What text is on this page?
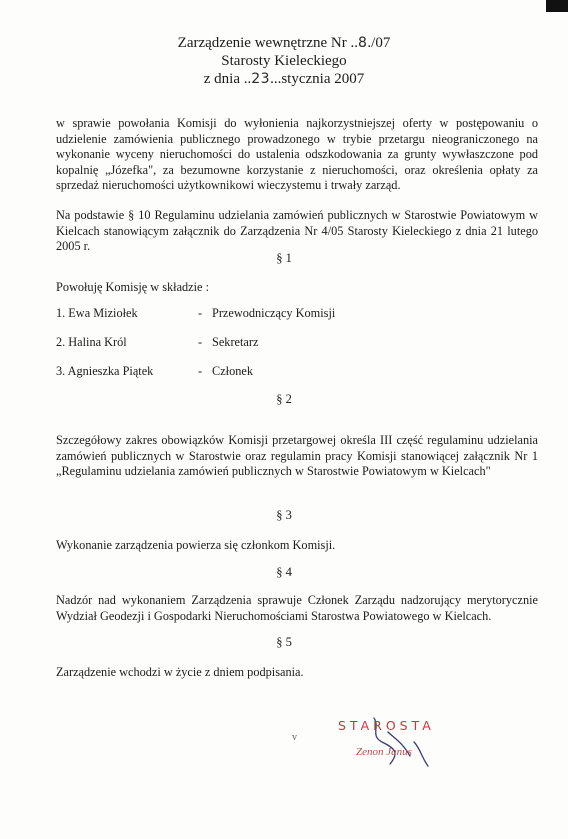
Zarządzenie wewnętrzne Nr ..8./07
Starosty Kieleckiego
z dnia ..23...stycznia 2007
w sprawie powołania Komisji do wyłonienia najkorzystniejszej oferty w postępowaniu o udzielenie zamówienia publicznego prowadzonego w trybie przetargu nieograniczonego na wykonanie wyceny nieruchomości do ustalenia odszkodowania za grunty wywłaszczone pod kopalnię „Józefka", za bezumowne korzystanie z nieruchomości, oraz określenia opłaty za sprzedaż nieruchomości użytkownikowi wieczystemu i trwały zarząd.
Na podstawie § 10 Regulaminu udzielania zamówień publicznych w Starostwie Powiatowym w Kielcach stanowiącym załącznik do Zarządzenia Nr 4/05 Starosty Kieleckiego z dnia 21 lutego 2005 r.
§ 1
Powołuję Komisję w składzie :
1. Ewa Miziołek	- Przewodniczący Komisji
2. Halina Król	- Sekretarz
3. Agnieszka Piątek	- Członek
§ 2
Szczegółowy zakres obowiązków Komisji przetargowej określa III część regulaminu udzielania zamówień publicznych w Starostwie oraz regulamin pracy Komisji stanowiącej załącznik Nr 1 „Regulaminu udzielania zamówień publicznych w Starostwie Powiatowym w Kielcach"
§ 3
Wykonanie zarządzenia powierza się członkom Komisji.
§ 4
Nadzór nad wykonaniem Zarządzenia sprawuje Członek Zarządu nadzorujący merytorycznie Wydział Geodezji i Gospodarki Nieruchomościami Starostwa Powiatowego w Kielcach.
§ 5
Zarządzenie wchodzi w życie z dniem podpisania.
v
STAROSTA
Zenon Janus
